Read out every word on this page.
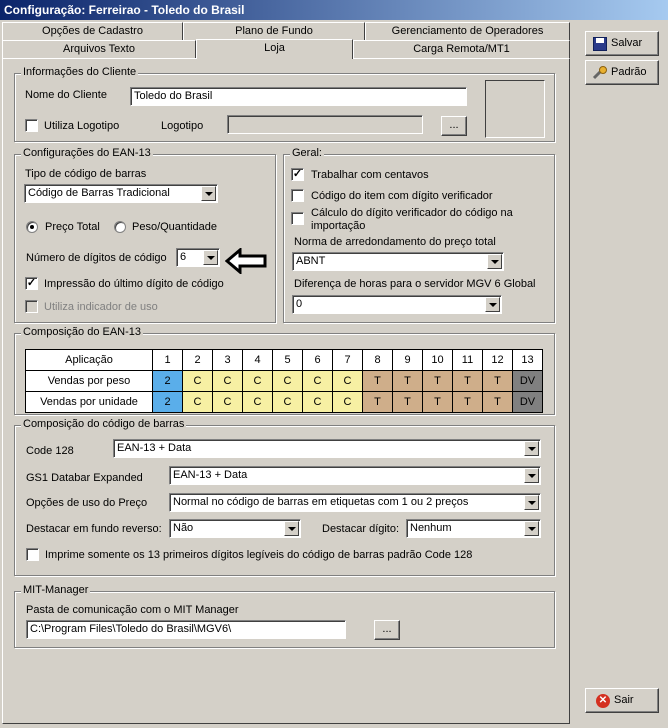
Configuração: Ferreirao - Toledo do Brasil
Opções de Cadastro	Plano de Fundo	Gerenciamento de Operadores
Arquivos Texto	Loja	Carga Remota/MT1	Salvar
Padrão
✕ Sair
Informações do Cliente
Nome do Cliente	Toledo do Brasil
Utiliza Logotipo	Logotipo	...
Configurações do EAN-13
Tipo de código de barras
Código de Barras Tradicional
Preço Total	Peso/Quantidade
Número de dígitos de código 6
✓ Impressão do último dígito de código
Utiliza indicador de uso
Geral:
✓ Trabalhar com centavos
Código do item com dígito verificador
Cálculo do dígito verificador do código na
importação
Norma de arredondamento do preço total
ABNT
Diferença de horas para o servidor MGV 6 Global
0
Composição do EAN-13
Aplicação	1	2	3	4	5	6	7	8	9	10	11	12	13
Vendas por peso	2	C	C	C	C	C	C	T	T	T	T	T	DV
Vendas por unidade	2	C	C	C	C	C	C	T	T	T	T	T	DV
Composição do código de barras
Code 128	EAN-13 + Data
GS1 Databar Expanded	EAN-13 + Data
Opções de uso do Preço Normal no código de barras em etiquetas com 1 ou 2 preços
Destacar em fundo reverso: Não	Destacar dígito: Nenhum
Imprime somente os 13 primeiros dígitos legíveis do código de barras padrão Code 128
MIT-Manager
Pasta de comunicação com o MIT Manager
C:\Program Files\Toledo do Brasil\MGV6\	...
